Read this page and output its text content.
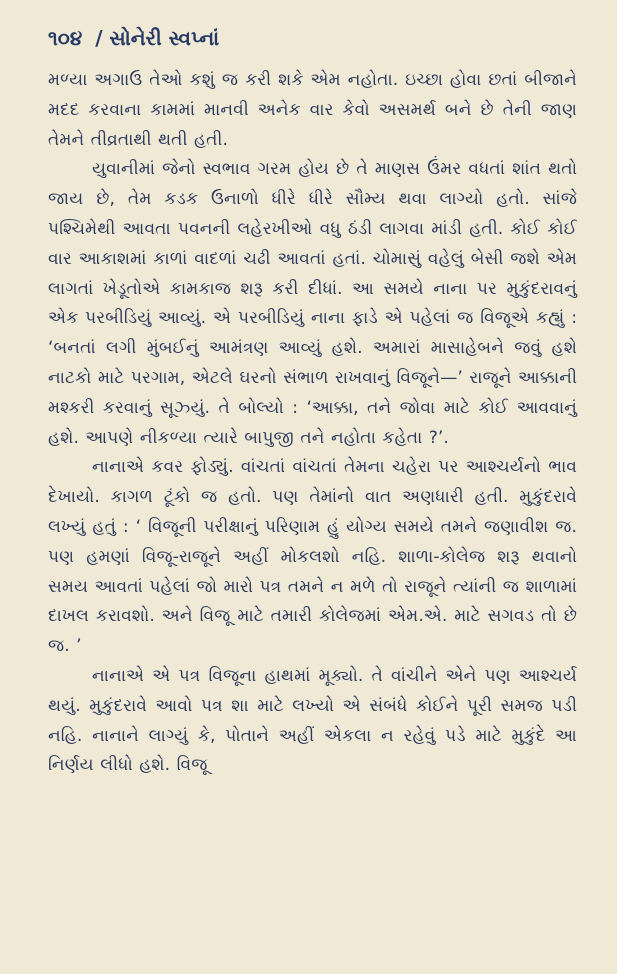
૧૦૪ / સોનેરી સ્વપ્નાં

મળ્યા અગાઉ તેઓ કશું જ કરી શકે એમ નહોતા. ઇચ્છા હોવા છતાં બીજાને મદદ કરવાના કામમાં માનવી અનેક વાર કેવો અસમર્થ બને છે તેની જાણ તેમને તીવ્રતાથી થતી હતી.

યુવાનીમાં જેનો સ્વભાવ ગરમ હોય છે તે માણસ ઉંમર વધતાં શાંત થતો જાય છે, તેમ કડક ઉનાળો ધીરે ધીરે સૌમ્ય થવા લાગ્યો હતો. સાંજે પશ્ચિમેથી આવતા પવનની લહેરખીઓ વધુ ઠંડી લાગવા માંડી હતી. કોઈ કોઈ વાર આકાશમાં કાળાં વાદળાં ચઢી આવતાં હતાં. ચોમાસું વહેલું બેસી જશે એમ લાગતાં ખેડૂતોએ કામકાજ શરૂ કરી દીધાં. આ સમયે નાના પર મુકુંદરાવનું એક પરબીડિયું આવ્યું. એ પરબીડિયું નાના ફાડે એ પહેલાં જ વિજૂએ કહ્યું : ‘બનતાં લગી મુંબઈનું આમંત્રણ આવ્યું હશે. અમારાં માસાહેબને જવું હશે નાટકો માટે પરગામ, એટલે ઘરનો સંભાળ રાખવાનું વિજૂને—’ રાજૂને આક્કાની મશ્કરી કરવાનું સૂઝ્યું. તે બોલ્યો : ‘આક્કા, તને જોવા માટે કોઈ આવવાનું હશે. આપણે નીકળ્યા ત્યારે બાપુજી તને નહોતા કહેતા ?’.

નાનાએ કવર ફોડ્યું. વાંચતાં વાંચતાં તેમના ચહેરા પર આશ્ચર્યનો ભાવ દેખાયો. કાગળ ટૂંકો જ હતો. પણ તેમાંનો વાત અણધારી હતી. મુકુંદરાવે લખ્યું હતું : ‘ વિજૂની પરીક્ષાનું પરિણામ હું યોગ્ય સમયે તમને જણાવીશ જ. પણ હમણાં વિજૂ-રાજૂને અહીં મોકલશો નહિ. શાળા-કોલેજ શરૂ થવાનો સમય આવતાં પહેલાં જો મારો પત્ર તમને ન મળે તો રાજૂને ત્યાંની જ શાળામાં દાખલ કરાવશો. અને વિજૂ માટે તમારી કોલેજમાં એમ.એ. માટે સગવડ તો છે જ. ’

નાનાએ એ પત્ર વિજૂના હાથમાં મૂક્યો. તે વાંચીને એને પણ આશ્ચર્ય થયું. મુકુંદરાવે આવો પત્ર શા માટે લખ્યો એ સંબંધે કોઈને પૂરી સમજ પડી નહિ. નાનાને લાગ્યું કે, પોતાને અહીં એકલા ન રહેવું પડે માટે મુકુંદે આ નિર્ણય લીધો હશે. વિજૂ
